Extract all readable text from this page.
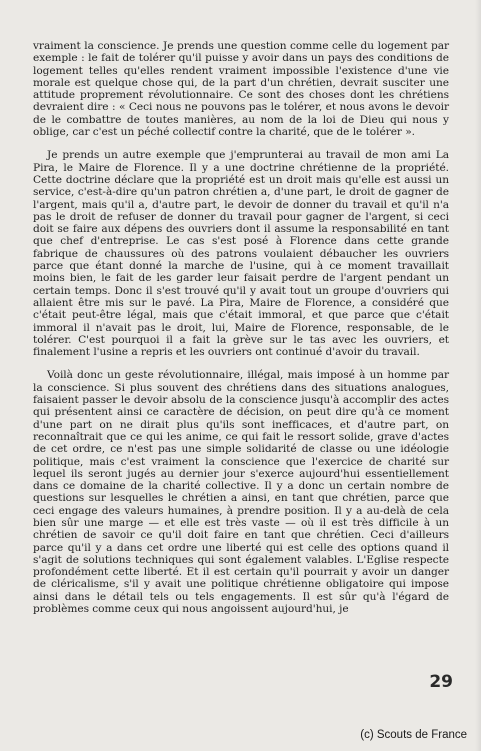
vraiment la conscience. Je prends une question comme celle du logement par exemple : le fait de tolérer qu'il puisse y avoir dans un pays des conditions de logement telles qu'elles rendent vraiment impossible l'existence d'une vie morale est quelque chose qui, de la part d'un chrétien, devrait susciter une attitude proprement révolutionnaire. Ce sont des choses dont les chrétiens devraient dire : « Ceci nous ne pouvons pas le tolérer, et nous avons le devoir de le combattre de toutes manières, au nom de la loi de Dieu qui nous y oblige, car c'est un péché collectif contre la charité, que de le tolérer ».

Je prends un autre exemple que j'emprunterai au travail de mon ami La Pira, le Maire de Florence. Il y a une doctrine chrétienne de la propriété. Cette doctrine déclare que la propriété est un droit mais qu'elle est aussi un service, c'est-à-dire qu'un patron chrétien a, d'une part, le droit de gagner de l'argent, mais qu'il a, d'autre part, le devoir de donner du travail et qu'il n'a pas le droit de refuser de donner du travail pour gagner de l'argent, si ceci doit se faire aux dépens des ouvriers dont il assume la responsabilité en tant que chef d'entreprise. Le cas s'est posé à Florence dans cette grande fabrique de chaussures où des patrons voulaient débaucher les ouvriers parce que étant donné la marche de l'usine, qui à ce moment travaillait moins bien, le fait de les garder leur faisait perdre de l'argent pendant un certain temps. Donc il s'est trouvé qu'il y avait tout un groupe d'ouvriers qui allaient être mis sur le pavé. La Pira, Maire de Florence, a considéré que c'était peut-être légal, mais que c'était immoral, et que parce que c'était immoral il n'avait pas le droit, lui, Maire de Florence, responsable, de le tolérer. C'est pourquoi il a fait la grève sur le tas avec les ouvriers, et finalement l'usine a repris et les ouvriers ont continué d'avoir du travail.

Voilà donc un geste révolutionnaire, illégal, mais imposé à un homme par la conscience. Si plus souvent des chrétiens dans des situations analogues, faisaient passer le devoir absolu de la conscience jusqu'à accomplir des actes qui présentent ainsi ce caractère de décision, on peut dire qu'à ce moment d'une part on ne dirait plus qu'ils sont inefficaces, et d'autre part, on reconnaîtrait que ce qui les anime, ce qui fait le ressort solide, grave d'actes de cet ordre, ce n'est pas une simple solidarité de classe ou une idéologie politique, mais c'est vraiment la conscience que l'exercice de charité sur lequel ils seront jugés au dernier jour s'exerce aujourd'hui essentiellement dans ce domaine de la charité collective. Il y a donc un certain nombre de questions sur lesquelles le chrétien a ainsi, en tant que chrétien, parce que ceci engage des valeurs humaines, à prendre position. Il y a au-delà de cela bien sûr une marge — et elle est très vaste — où il est très difficile à un chrétien de savoir ce qu'il doit faire en tant que chrétien. Ceci d'ailleurs parce qu'il y a dans cet ordre une liberté qui est celle des options quand il s'agit de solutions techniques qui sont également valables. L'Eglise respecte profondément cette liberté. Et il est certain qu'il pourrait y avoir un danger de cléricalisme, s'il y avait une politique chrétienne obligatoire qui impose ainsi dans le détail tels ou tels engagements. Il est sûr qu'à l'égard de problèmes comme ceux qui nous angoissent aujourd'hui, je

29
(c) Scouts de France
